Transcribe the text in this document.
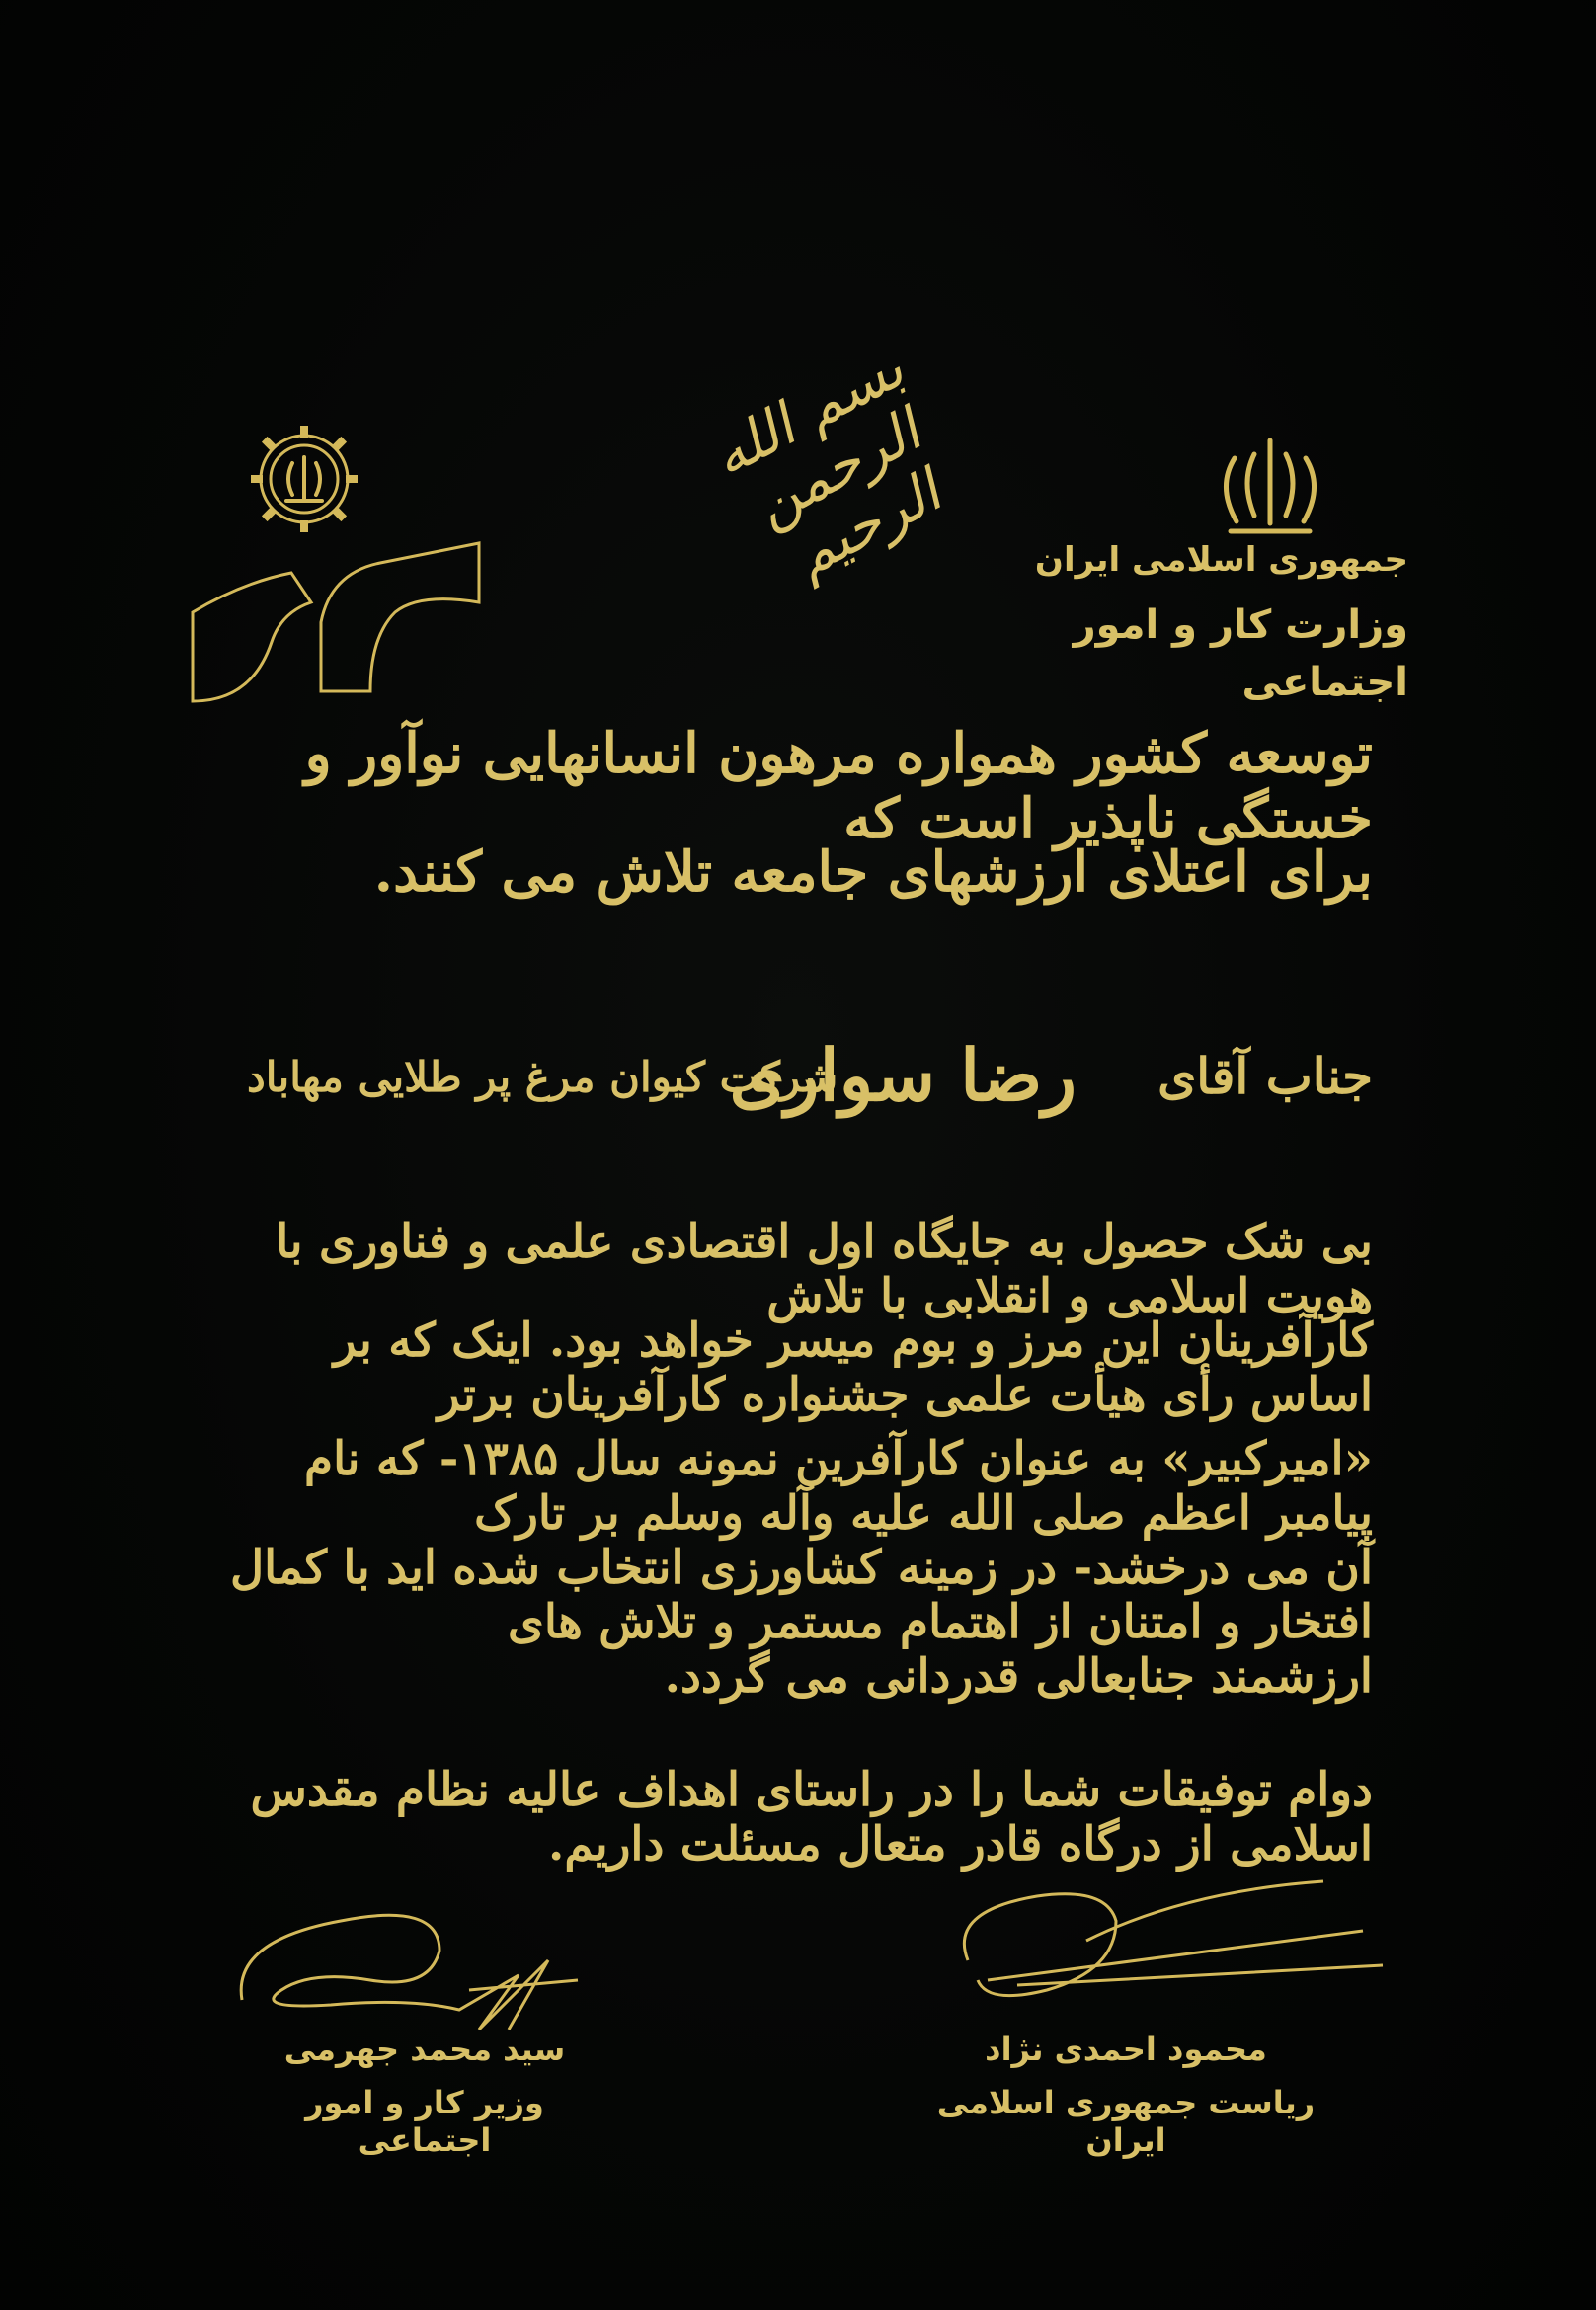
بسم الله الرحمن الرحیم	جمهوری اسلامی ایران
وزارت کار و امور اجتماعی
توسعه کشور همواره مرهون انسانهایی نوآور و خستگی ناپذیر است که
برای اعتلای ارزشهای جامعه تلاش می کنند.
جناب آقای
رضا سواری
شرکت کیوان مرغ پر طلایی مهاباد
بی شک حصول به جایگاه اول اقتصادی علمی و فناوری با هویت اسلامی و انقلابی با تلاش
کارآفرینان این مرز و بوم میسر خواهد بود. اینک که بر اساس رأی هیأت علمی جشنواره کارآفرینان برتر
«امیرکبیر» به عنوان کارآفرین نمونه سال ۱۳۸۵- که نام پیامبر اعظم صلی الله علیه وآله وسلم بر تارک
آن می درخشد- در زمینه کشاورزی انتخاب شده اید با کمال افتخار و امتنان از اهتمام مستمر و تلاش های
ارزشمند جنابعالی قدردانی می گردد.
دوام توفیقات شما را در راستای اهداف عالیه نظام مقدس اسلامی از درگاه قادر متعال مسئلت داریم.
سید محمد جهرمی
وزیر کار و امور اجتماعی
محمود احمدی نژاد
ریاست جمهوری اسلامی ایران
